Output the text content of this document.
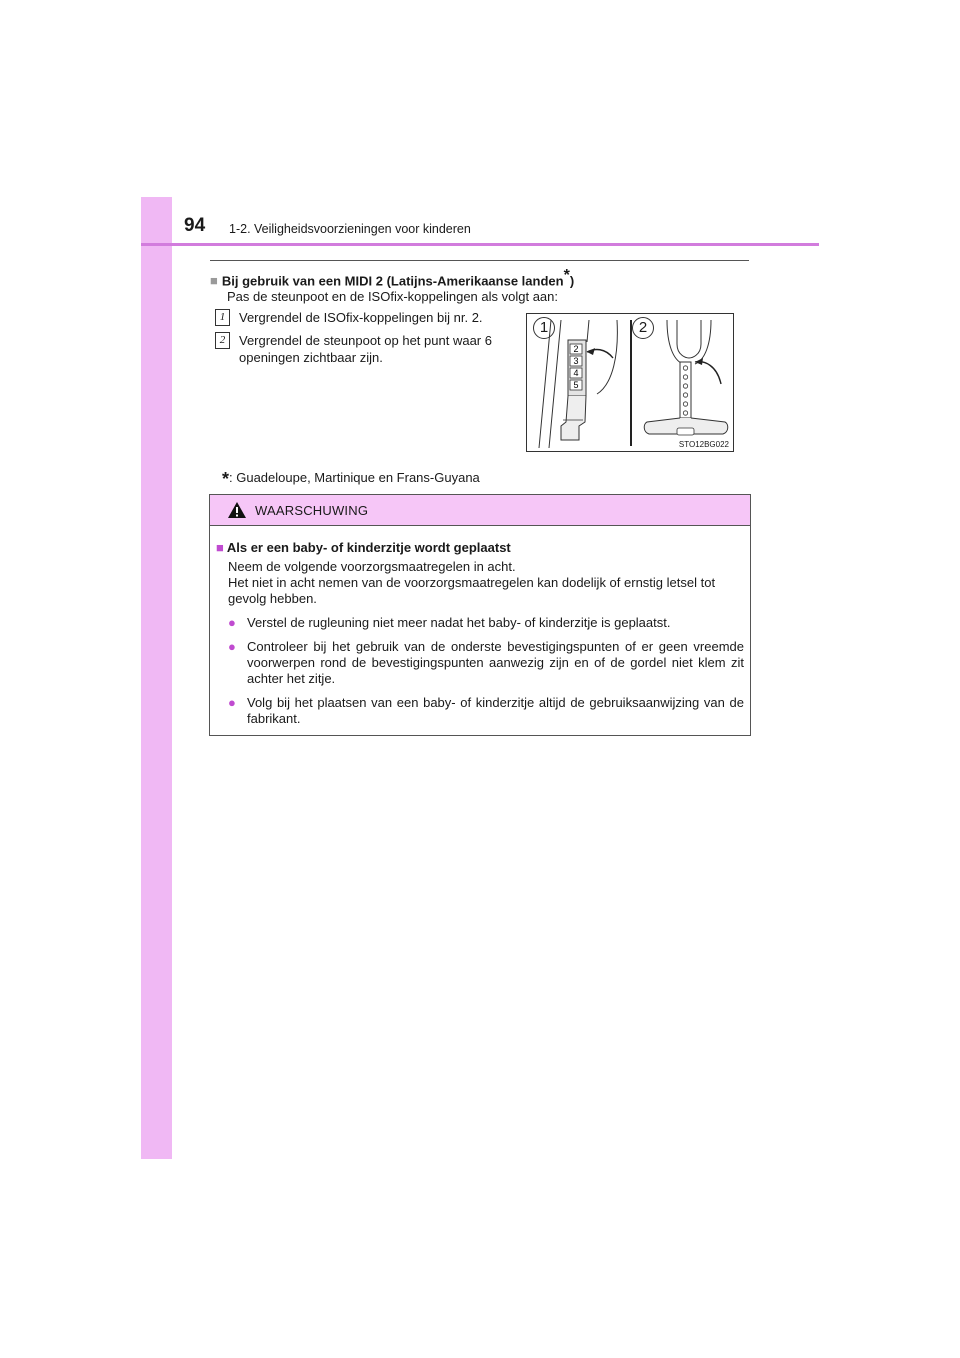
94 1-2. Veiligheidsvoorzieningen voor kinderen
■ Bij gebruik van een MIDI 2 (Latijns-Amerikaanse landen*)
Pas de steunpoot en de ISOfix-koppelingen als volgt aan:
1	Vergrendel de ISOfix-koppelingen bij nr. 2.
2	Vergrendel de steunpoot op het punt waar 6 openingen zichtbaar zijn.
1	2
2
3
4
5
STO12BG022
*: Guadeloupe, Martinique en Frans-Guyana
WAARSCHUWING
■ Als er een baby- of kinderzitje wordt geplaatst
Neem de volgende voorzorgsmaatregelen in acht.
Het niet in acht nemen van de voorzorgsmaatregelen kan dodelijk of ernstig letsel tot gevolg hebben.
● Verstel de rugleuning niet meer nadat het baby- of kinderzitje is geplaatst.
● Controleer bij het gebruik van de onderste bevestigingspunten of er geen vreemde voorwerpen rond de bevestigingspunten aanwezig zijn en of de gordel niet klem zit achter het zitje.
● Volg bij het plaatsen van een baby- of kinderzitje altijd de gebruiksaanwijzing van de fabrikant.
